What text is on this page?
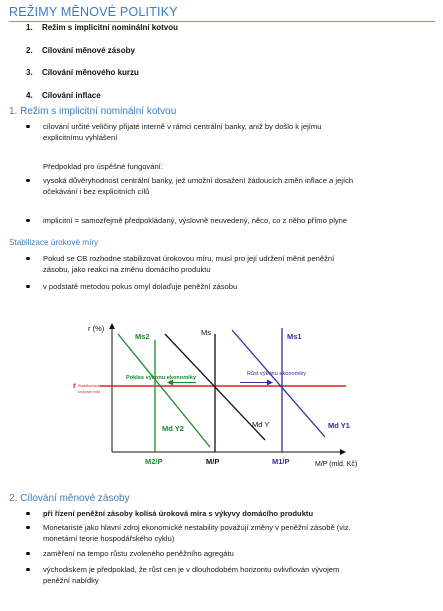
REŽIMY MĚNOVÉ POLITIKY
1. Režim s implicitní nominální kotvou
2. Cílování měnové zásoby
3. Cílování měnového kurzu
4. Cílování inflace
1. Režim s implicitní nominální kotvou
cílování určité veličiny přijaté interně v rámci centrální banky, aniž by došlo k jejímu
explicitnímu vyhlášení
Předpoklad pro úspěšné fungování:
vysoká důvěryhodnost centrální banky, jež umožní dosažení žádoucích změn inflace a jejích
očekávání i bez explicitních cílů
implicitní = samozřejmě předpokládaný, výslovně neuvedený, něco, co z něho přímo plyne
Stabilizace úrokové míry
Pokud se CB rozhodne stabilizovat úrokovou míru, musí pro její udržení měnit peněžní
zásobu, jako reakci na změnu domácího produktu
v podstatě metodou pokus omyl dolaďuje peněžní zásobu
r (%)
M/P (mld. Kč)
r Stabilizovaná
úroková míra
Ms2	Ms	Ms1
Md Y2	Md Y	Md Y1
Pokles výkonu ekonomiky
Růst výkonu ekonomiky
M2/P	M/P	M1/P
2. Cílování měnové zásoby
při řízení peněžní zásoby kolísá úroková míra s výkyvy domácího produktu
Monetaristé jako hlavní zdroj ekonomické nestability považují změny v peněžní zásobě (viz.
monetární teorie hospodářského cyklu)
zaměření na tempo růstu zvoleného peněžního agregátu
východiskem je předpoklad, že růst cen je v dlouhodobém horizontu ovlivňován vývojem
peněžní nabídky
